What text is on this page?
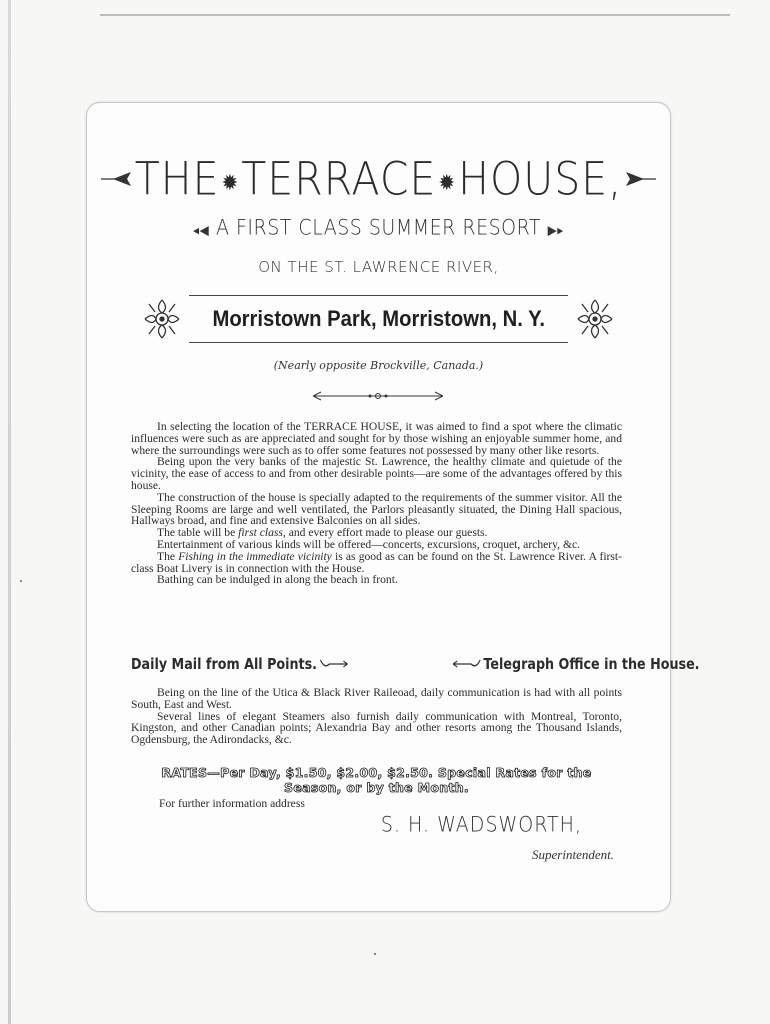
THE ✹TERRACE ✹HOUSE,
◂◀ A FIRST CLASS SUMMER RESORT ▶▸
ON THE ST. LAWRENCE RIVER,
Morristown Park, Morristown, N. Y.
(Nearly opposite Brockville, Canada.)

In selecting the location of the TERRACE HOUSE, it was aimed to find a spot where the climatic influences were such as are appreciated and sought for by those wishing an enjoyable summer home, and where the surroundings were such as to offer some features not possessed by many other like resorts.

Being upon the very banks of the majestic St. Lawrence, the healthy climate and quietude of the vicinity, the ease of access to and from other desirable points—are some of the advantages offered by this house.

The construction of the house is specially adapted to the requirements of the summer visitor. All the Sleeping Rooms are large and well ventilated, the Parlors pleasantly situated, the Dining Hall spacious, Hallways broad, and fine and extensive Balconies on all sides.

The table will be first class, and every effort made to please our guests.

Entertainment of various kinds will be offered—concerts, excursions, croquet, archery, &c.

The Fishing in the immediate vicinity is as good as can be found on the St. Lawrence River. A first-class Boat Livery is in connection with the House.

Bathing can be indulged in along the beach in front.

Daily Mail from All Points.	Telegraph Office in the House.

Being on the line of the Utica & Black River Raileoad, daily communication is had with all points South, East and West.

Several lines of elegant Steamers also furnish daily communication with Montreal, Toronto, Kingston, and other Canadian points; Alexandria Bay and other resorts among the Thousand Islands, Ogdensburg, the Adirondacks, &c.

RATES—Per Day, $1.50, $2.00, $2.50. Special Rates for the
Season, or by the Month.
For further information address
S. H. WADSWORTH,
Superintendent.
